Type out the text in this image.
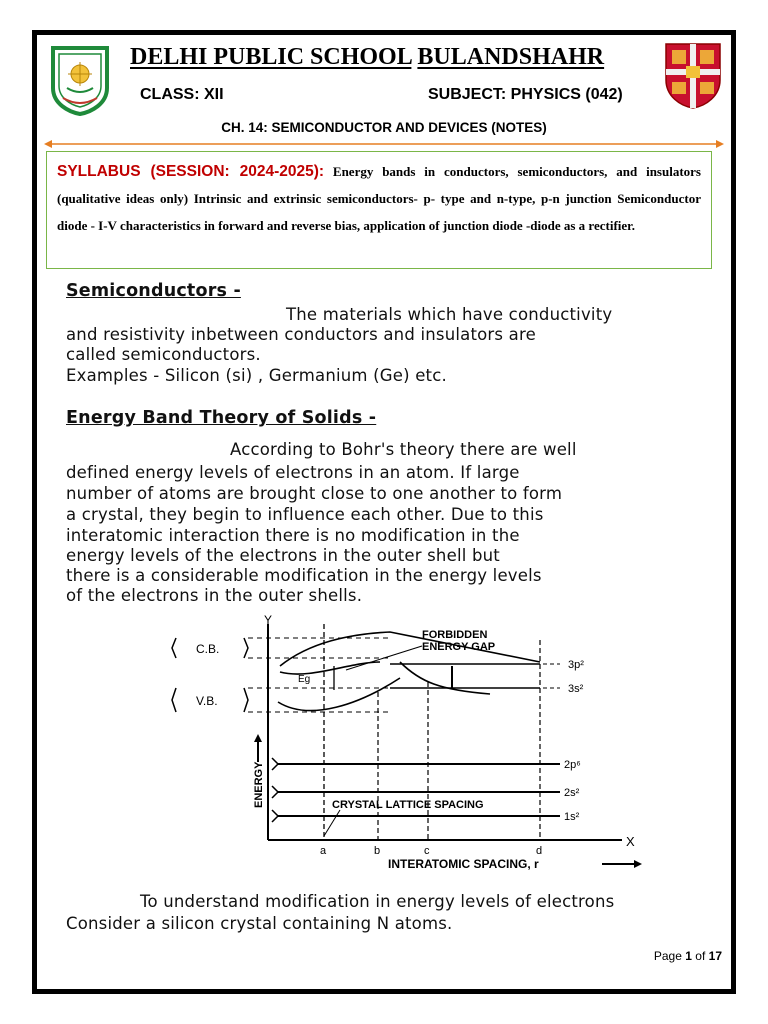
DELHI PUBLIC SCHOOL BULANDSHAHR
CLASS: XII	SUBJECT: PHYSICS (042)
CH. 14: SEMICONDUCTOR AND DEVICES (NOTES)
SYLLABUS (SESSION: 2024-2025): Energy bands in conductors, semiconductors, and insulators (qualitative ideas only) Intrinsic and extrinsic semiconductors- p- type and n-type, p-n junction Semiconductor diode - I-V characteristics in forward and reverse bias, application of junction diode -diode as a rectifier.
Semiconductors -
The materials which have conductivity
and resistivity inbetween conductors and insulators are
called semiconductors.
Examples - Silicon (si) , Germanium (Ge) etc.
Energy Band Theory of Solids -
According to Bohr's theory there are well
defined energy levels of electrons in an atom. If large
number of atoms are brought close to one another to form
a crystal, they begin to influence each other. Due to this
interatomic interaction there is no modification in the
energy levels of the electrons in the outer shell but
there is a considerable modification in the energy levels
of the electrons in the outer shells.
Y
X
C.B.
V.B.
3p²
3s²
2p⁶
2s²
1s²
a	b	c	d
Eg
FORBIDDEN
ENERGY GAP
ENERGY	CRYSTAL LATTICE SPACING
INTERATOMIC SPACING, r
To understand modification in energy levels of electrons
Consider a silicon crystal containing N atoms.
Page 1 of 17
